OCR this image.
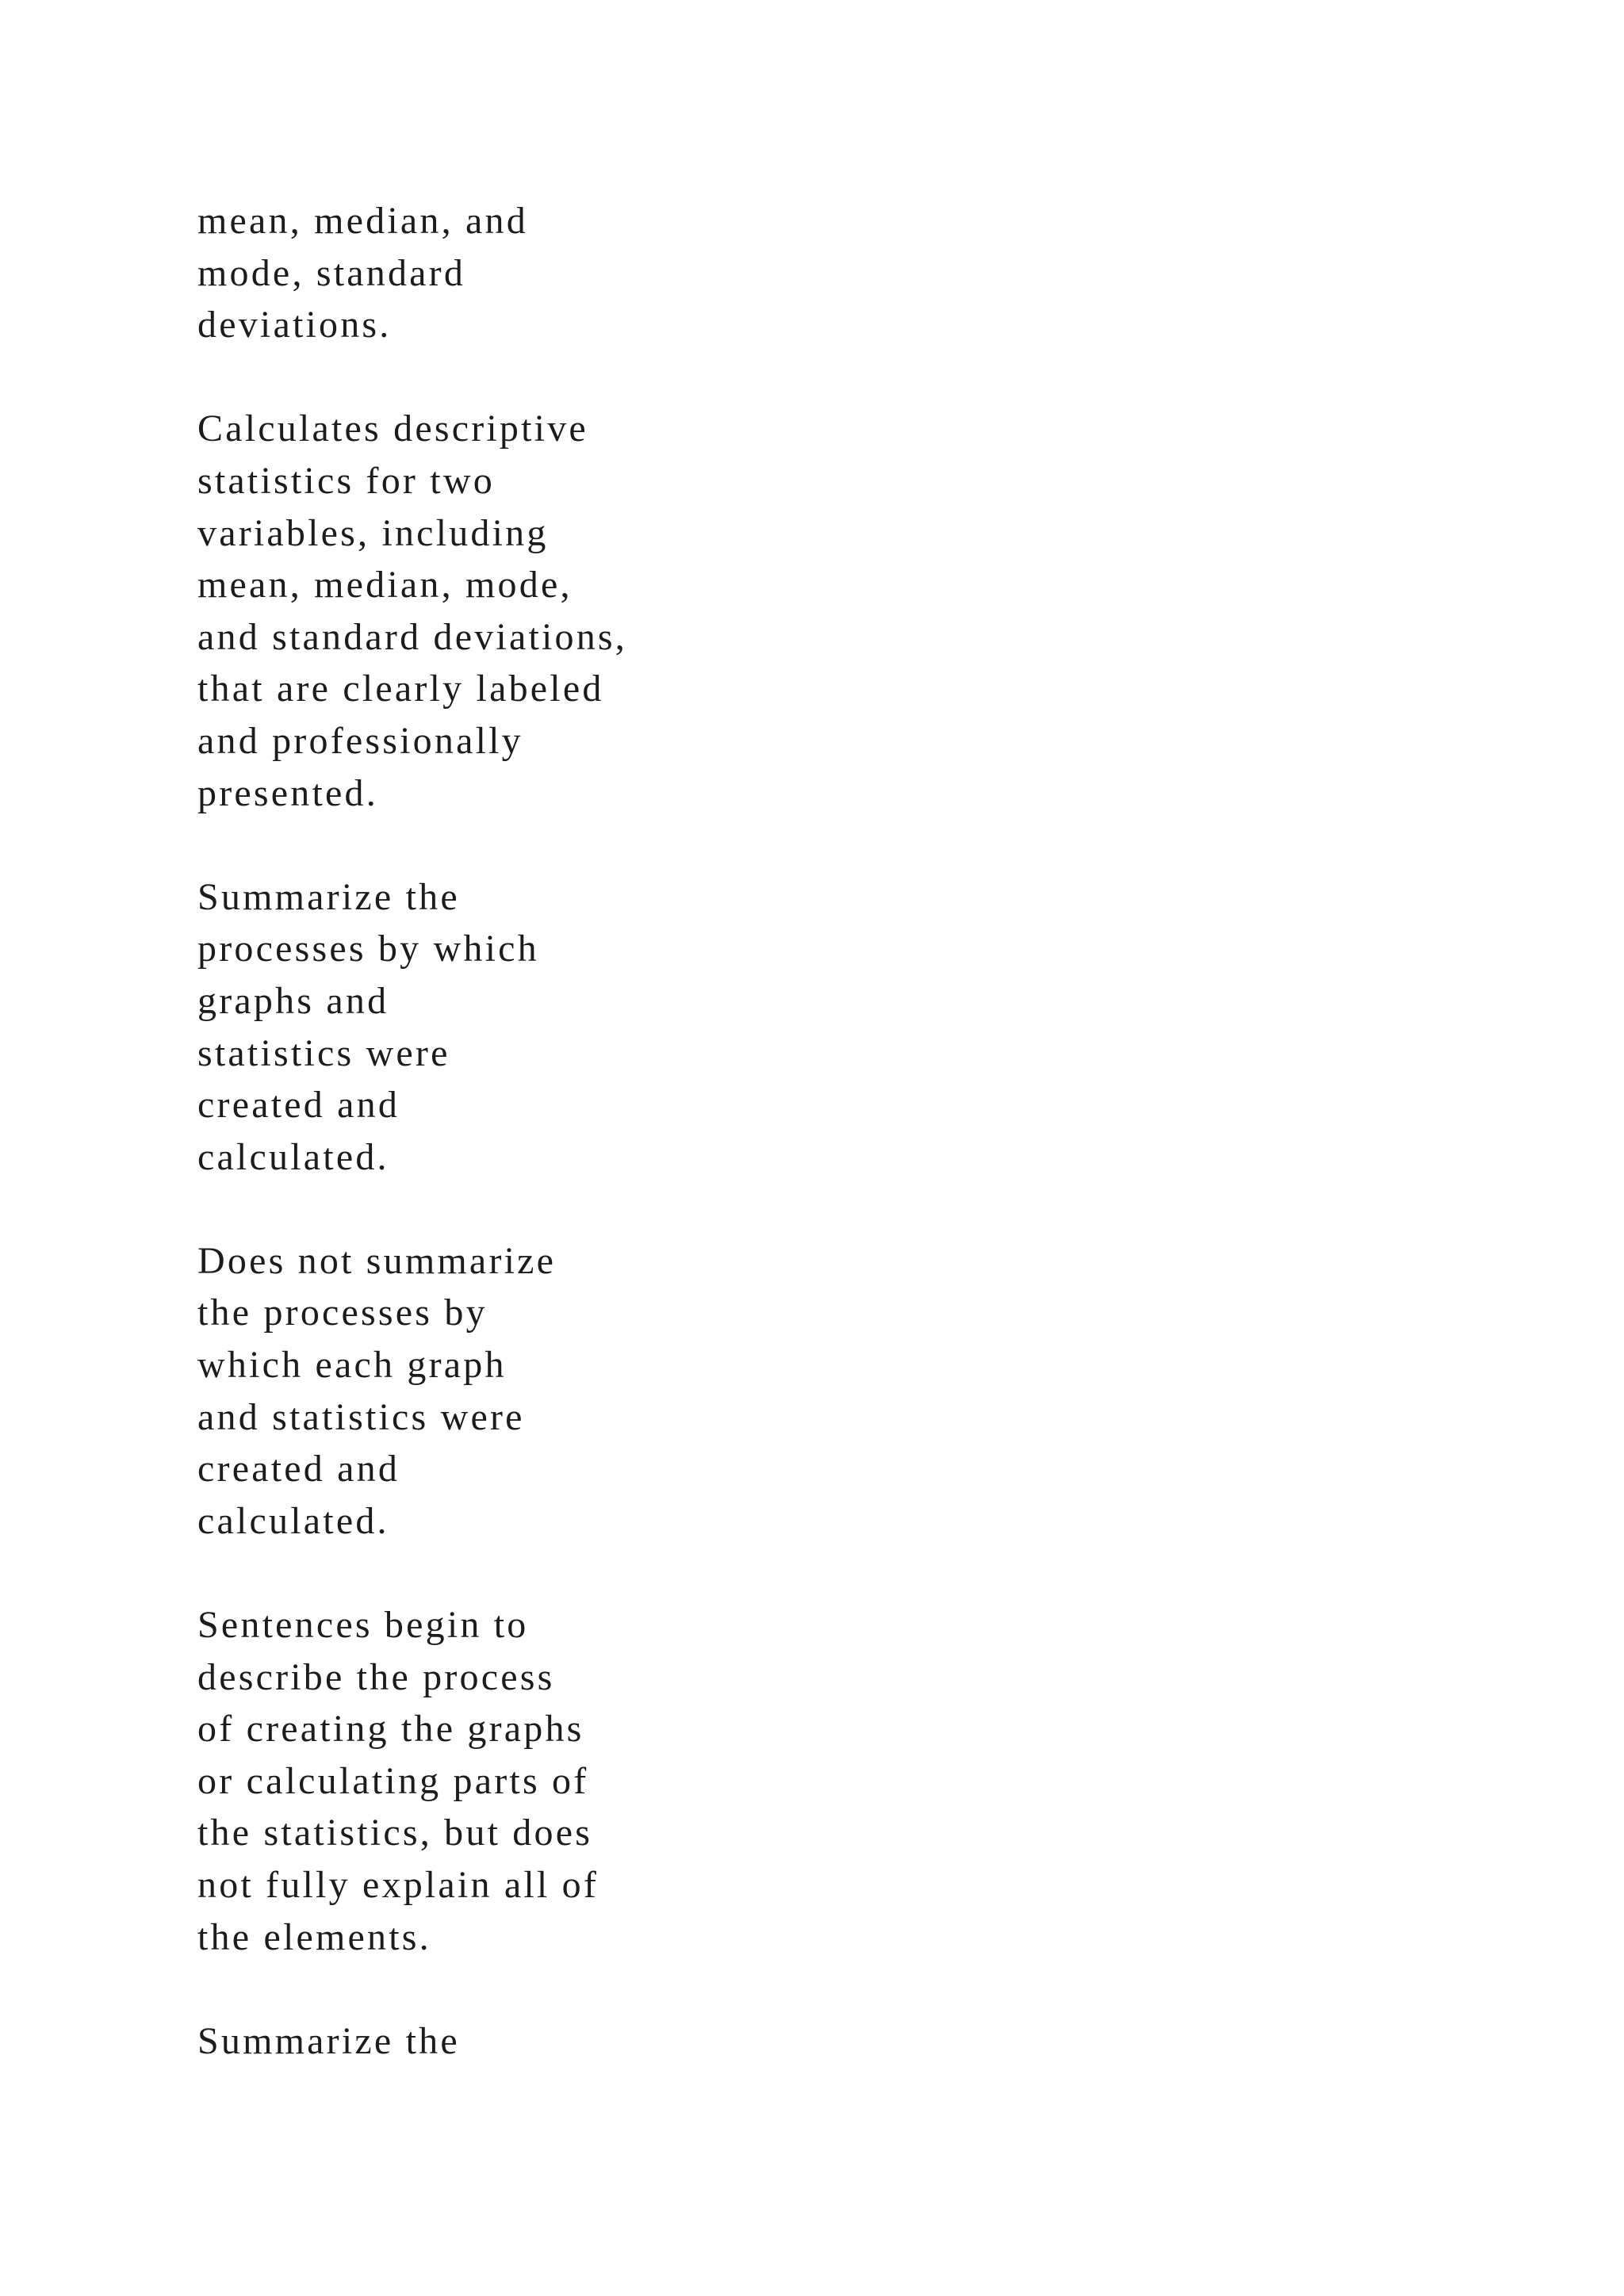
mean, median, and
mode, standard
deviations.
Calculates descriptive
statistics for two
variables, including
mean, median, mode,
and standard deviations,
that are clearly labeled
and professionally
presented.
Summarize the
processes by which
graphs and
statistics were
created and
calculated.
Does not summarize
the processes by
which each graph
and statistics were
created and
calculated.
Sentences begin to
describe the process
of creating the graphs
or calculating parts of
the statistics, but does
not fully explain all of
the elements.
Summarize the
